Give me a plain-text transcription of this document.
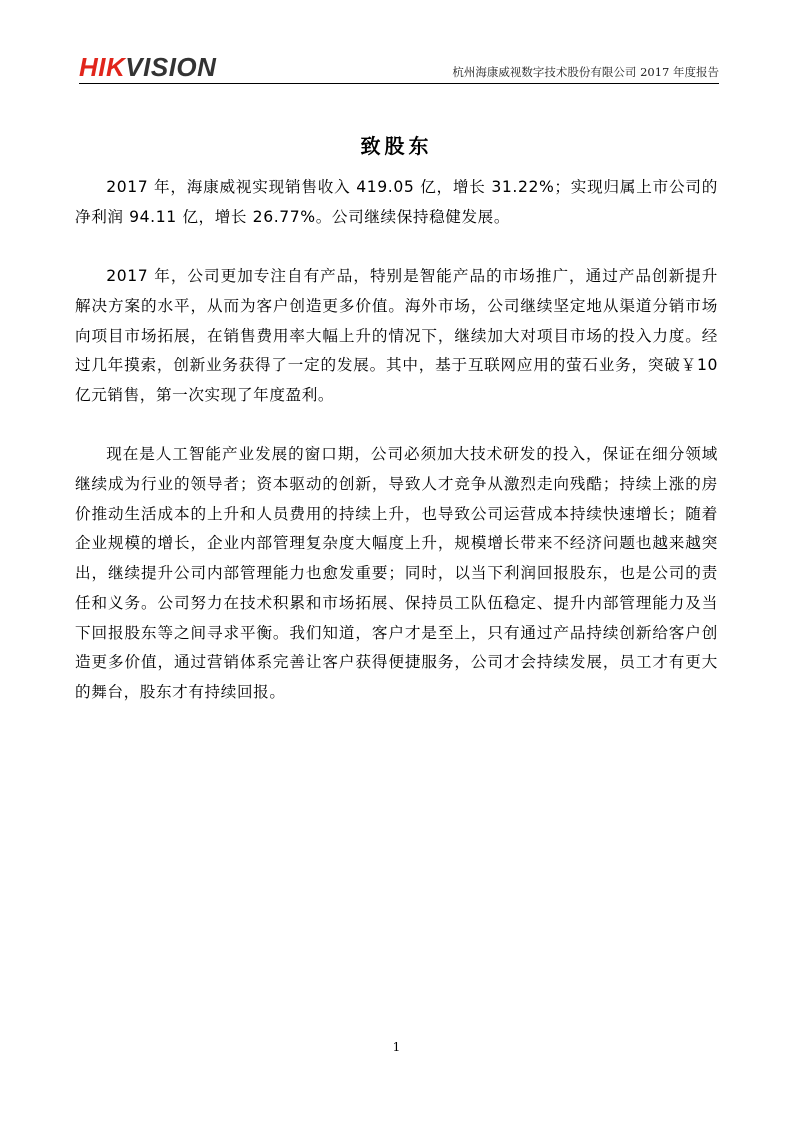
HIKVISION	杭州海康威视数字技术股份有限公司 2017 年度报告
致股东

2017 年，海康威视实现销售收入 419.05 亿，增长 31.22%；实现归属上市公司的净利润 94.11 亿，增长 26.77%。公司继续保持稳健发展。

2017 年，公司更加专注自有产品，特别是智能产品的市场推广，通过产品创新提升解决方案的水平，从而为客户创造更多价值。海外市场，公司继续坚定地从渠道分销市场向项目市场拓展，在销售费用率大幅上升的情况下，继续加大对项目市场的投入力度。经过几年摸索，创新业务获得了一定的发展。其中，基于互联网应用的萤石业务，突破￥10 亿元销售，第一次实现了年度盈利。

现在是人工智能产业发展的窗口期，公司必须加大技术研发的投入，保证在细分领域继续成为行业的领导者；资本驱动的创新，导致人才竞争从激烈走向残酷；持续上涨的房价推动生活成本的上升和人员费用的持续上升，也导致公司运营成本持续快速增长；随着企业规模的增长，企业内部管理复杂度大幅度上升，规模增长带来不经济问题也越来越突出，继续提升公司内部管理能力也愈发重要；同时，以当下利润回报股东，也是公司的责任和义务。公司努力在技术积累和市场拓展、保持员工队伍稳定、提升内部管理能力及当下回报股东等之间寻求平衡。我们知道，客户才是至上，只有通过产品持续创新给客户创造更多价值，通过营销体系完善让客户获得便捷服务，公司才会持续发展，员工才有更大的舞台，股东才有持续回报。

1
